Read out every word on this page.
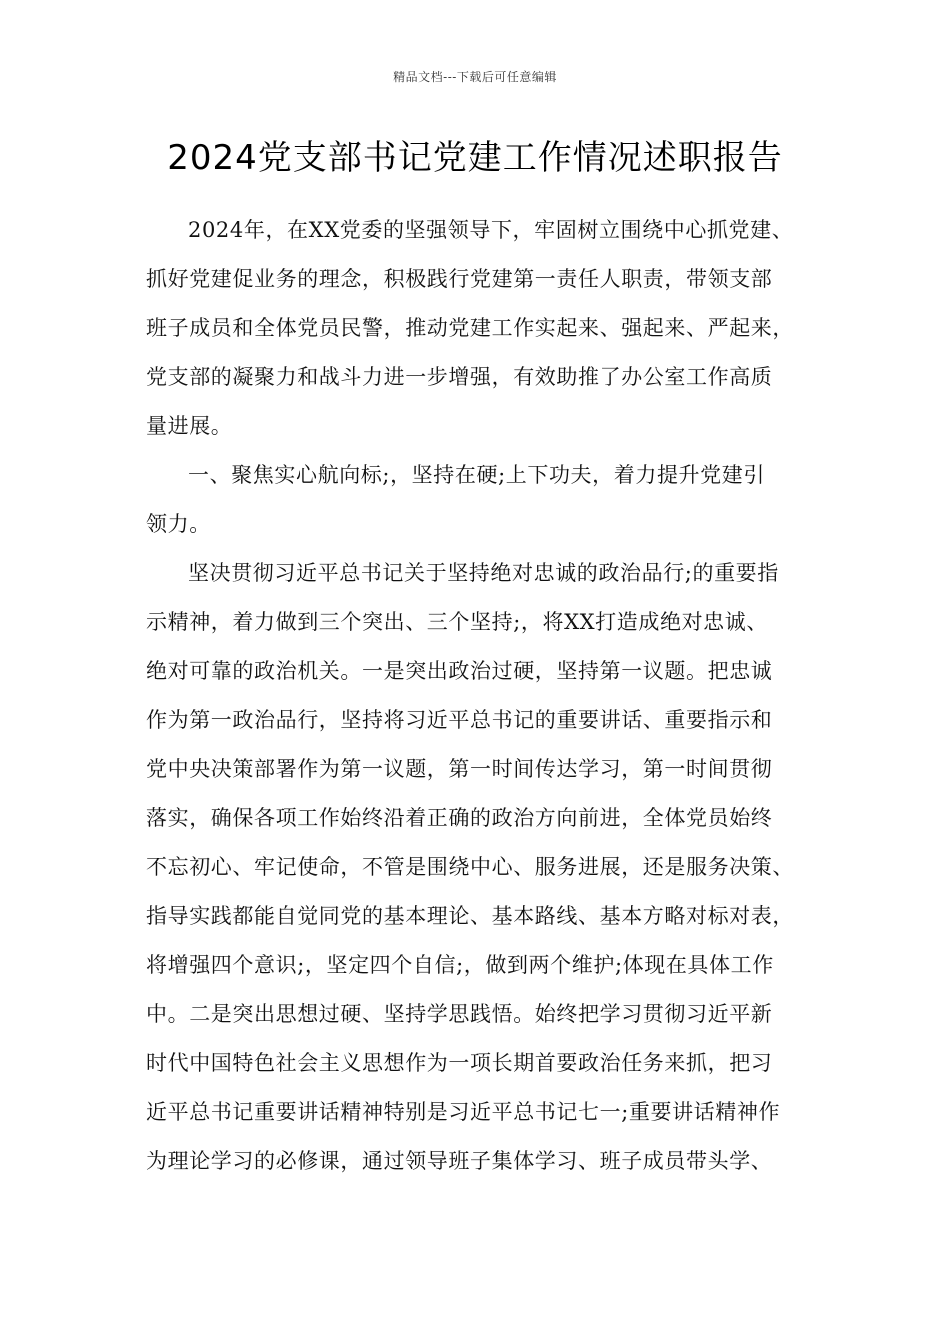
精品文档---下载后可任意编辑
2024党支部书记党建工作情况述职报告
2024年，在XX党委的坚强领导下，牢固树立围绕中心抓党建、
抓好党建促业务的理念，积极践行党建第一责任人职责，带领支部
班子成员和全体党员民警，推动党建工作实起来、强起来、严起来，
党支部的凝聚力和战斗力进一步增强，有效助推了办公室工作高质
量进展。
一、聚焦实心航向标;，坚持在硬;上下功夫，着力提升党建引
领力。
坚决贯彻习近平总书记关于坚持绝对忠诚的政治品行;的重要指
示精神，着力做到三个突出、三个坚持;，将XX打造成绝对忠诚、
绝对可靠的政治机关。一是突出政治过硬，坚持第一议题。把忠诚
作为第一政治品行，坚持将习近平总书记的重要讲话、重要指示和
党中央决策部署作为第一议题，第一时间传达学习，第一时间贯彻
落实，确保各项工作始终沿着正确的政治方向前进，全体党员始终
不忘初心、牢记使命，不管是围绕中心、服务进展，还是服务决策、
指导实践都能自觉同党的基本理论、基本路线、基本方略对标对表，
将增强四个意识;，坚定四个自信;，做到两个维护;体现在具体工作
中。二是突出思想过硬、坚持学思践悟。始终把学习贯彻习近平新
时代中国特色社会主义思想作为一项长期首要政治任务来抓，把习
近平总书记重要讲话精神特别是习近平总书记七一;重要讲话精神作
为理论学习的必修课，通过领导班子集体学习、班子成员带头学、
